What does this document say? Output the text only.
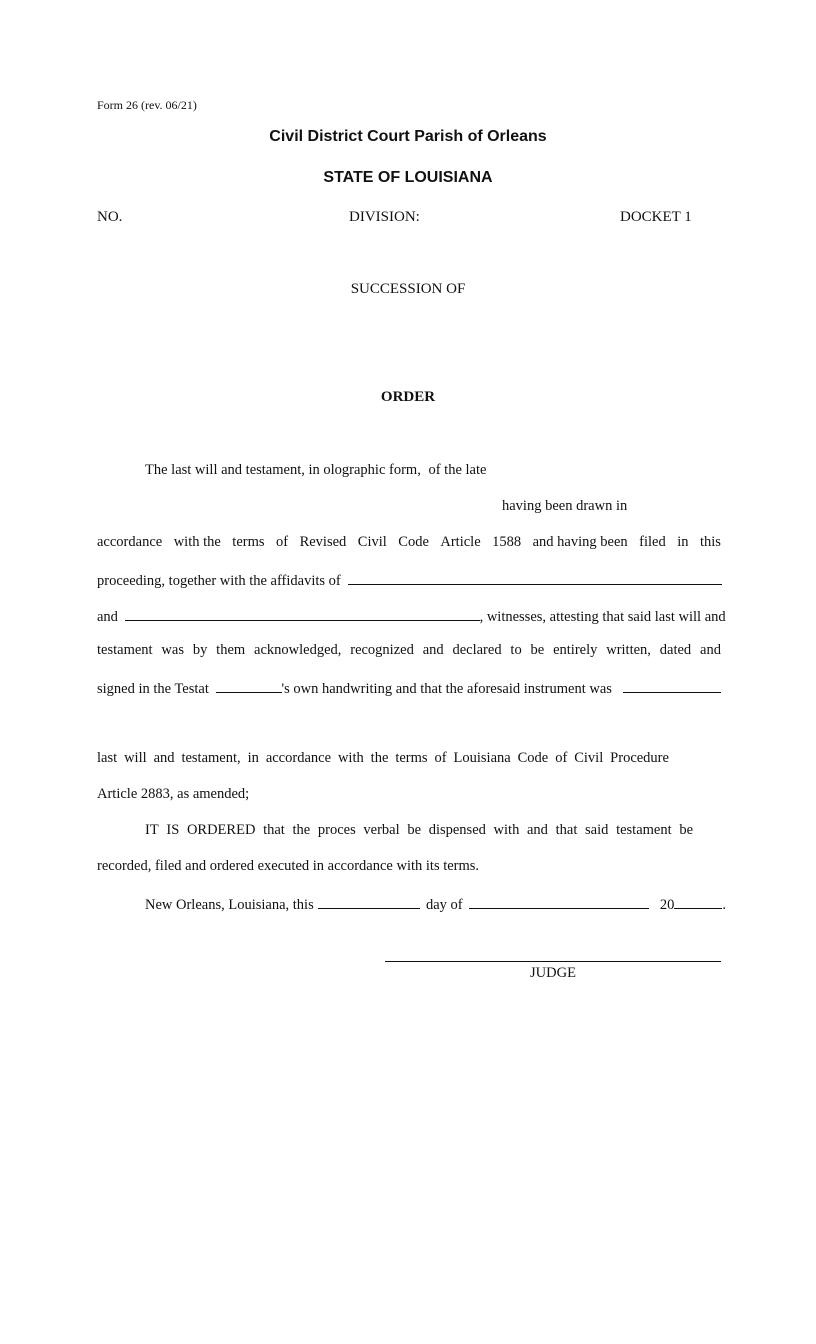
Form 26 (rev. 06/21)
Civil District Court Parish of Orleans
STATE OF LOUISIANA
NO.	DIVISION:	DOCKET 1
SUCCESSION OF
ORDER
The last will and testament, in olographic form, of the late
having been drawn in
accordance with the terms of Revised Civil Code Article 1588 and having been filed in this
proceeding, together with the affidavits of
and	, witnesses, attesting that said last will and
testament was by them acknowledged, recognized and declared to be entirely written, dated and
signed in the Testat	's own handwriting and that the aforesaid instrument was
last will and testament, in accordance with the terms of Louisiana Code of Civil Procedure
Article 2883, as amended;
IT IS ORDERED that the proces verbal be dispensed with and that said testament be
recorded, filed and ordered executed in accordance with its terms.
New Orleans, Louisiana, this	day of	20	.
JUDGE
